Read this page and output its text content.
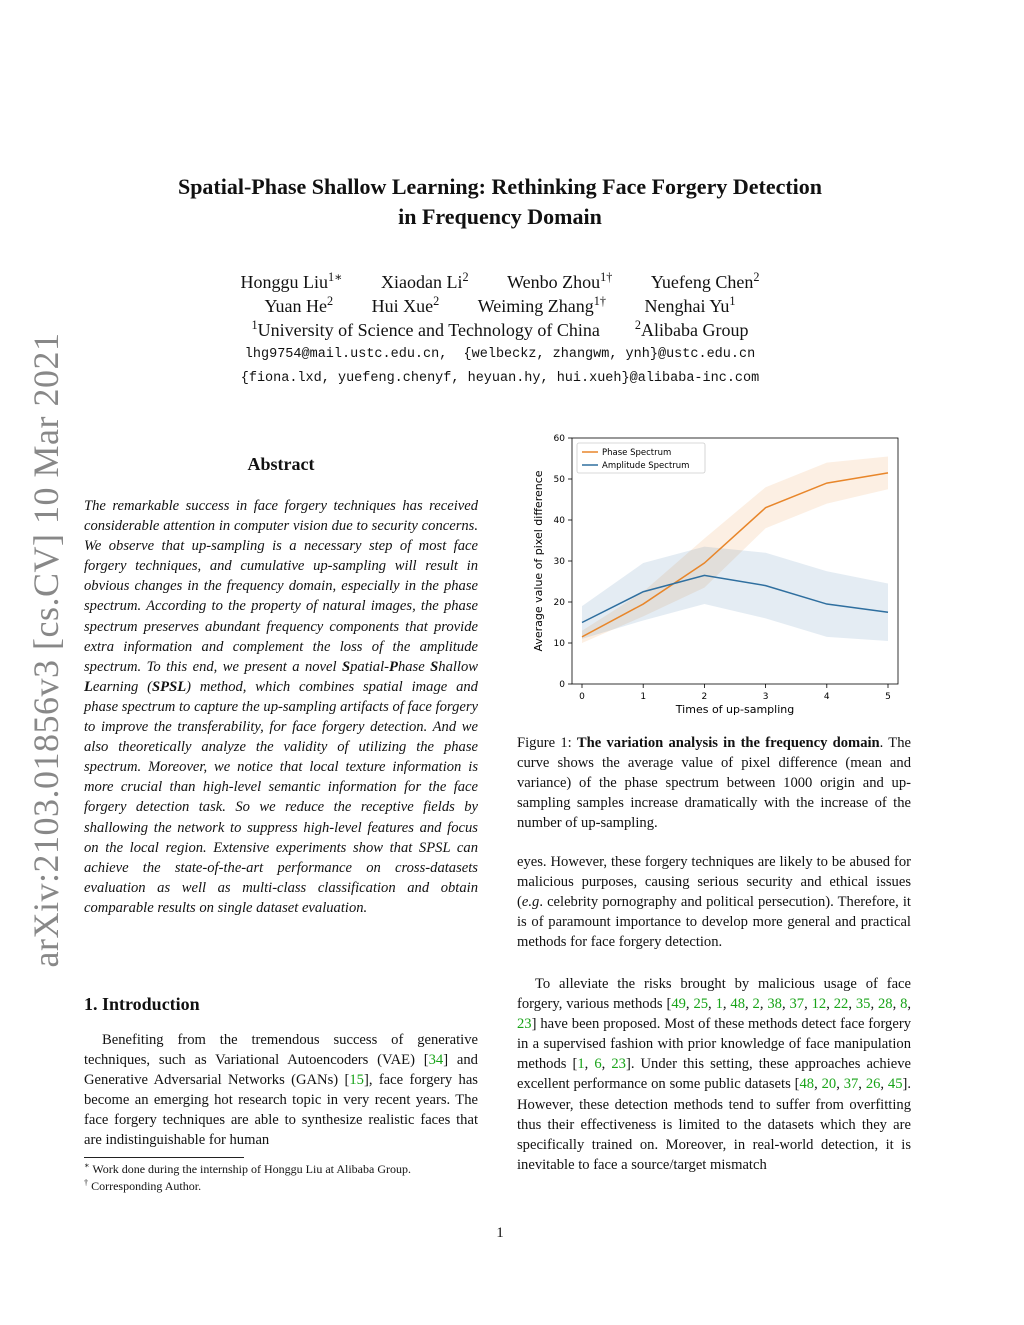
arXiv:2103.01856v3 [cs.CV] 10 Mar 2021
Spatial-Phase Shallow Learning: Rethinking Face Forgery Detection
in Frequency Domain
Honggu Liu$^{1∗}$ Xiaodan Li$^2$ Wenbo Zhou$^{1\dagger}$ Yuefeng Chen$^2$
Yuan He$^2$ Hui Xue$^2$ Weiming Zhang$^{1\dagger}$ Nenghai Yu$^1$
$^1$University of Science and Technology of China	$^2$Alibaba Group
lhg9754@mail.ustc.edu.cn,  {welbeckz, zhangwm, ynh}@ustc.edu.cn
{fiona.lxd, yuefeng.chenyf, heyuan.hy, hui.xueh}@alibaba-inc.com
Abstract
The remarkable success in face forgery techniques has received considerable attention in computer vision due to security concerns. We observe that up-sampling is a necessary step of most face forgery techniques, and cumulative up-sampling will result in obvious changes in the frequency domain, especially in the phase spectrum. According to the property of natural images, the phase spectrum preserves abundant frequency components that provide extra information and complement the loss of the amplitude spectrum. To this end, we present a novel Spatial-Phase Shallow Learning (SPSL) method, which combines spatial image and phase spectrum to capture the up-sampling artifacts of face forgery to improve the transferability, for face forgery detection. And we also theoretically analyze the validity of utilizing the phase spectrum. Moreover, we notice that local texture information is more crucial than high-level semantic information for the face forgery detection task. So we reduce the receptive fields by shallowing the network to suppress high-level features and focus on the local region. Extensive experiments show that SPSL can achieve the state-of-the-art performance on cross-datasets evaluation as well as multi-class classification and obtain comparable results on single dataset evaluation.
1. Introduction
Benefiting from the tremendous success of generative techniques, such as Variational Autoencoders (VAE) [34] and Generative Adversarial Networks (GANs) [15], face forgery has become an emerging hot research topic in very recent years. The face forgery techniques are able to synthesize realistic faces that are indistinguishable for human
∗ Work done during the internship of Honggu Liu at Alibaba Group.
† Corresponding Author.
0	1	2	3	4	5
0
10
20
30
40
50
60
Times of up-sampling
Average value of pixel difference
Phase Spectrum
Amplitude Spectrum
Figure 1: The variation analysis in the frequency domain. The curve shows the average value of pixel difference (mean and variance) of the phase spectrum between 1000 origin and up-sampling samples increase dramatically with the increase of the number of up-sampling.
eyes. However, these forgery techniques are likely to be abused for malicious purposes, causing serious security and ethical issues (e.g. celebrity pornography and political persecution). Therefore, it is of paramount importance to develop more general and practical methods for face forgery detection.
To alleviate the risks brought by malicious usage of face forgery, various methods [49, 25, 1, 48, 2, 38, 37, 12, 22, 35, 28, 8, 23] have been proposed. Most of these methods detect face forgery in a supervised fashion with prior knowledge of face manipulation methods [1, 6, 23]. Under this setting, these approaches achieve excellent performance on some public datasets [48, 20, 37, 26, 45]. However, these detection methods tend to suffer from overfitting thus their effectiveness is limited to the datasets which they are specifically trained on. Moreover, in real-world detection, it is inevitable to face a source/target mismatch
1
